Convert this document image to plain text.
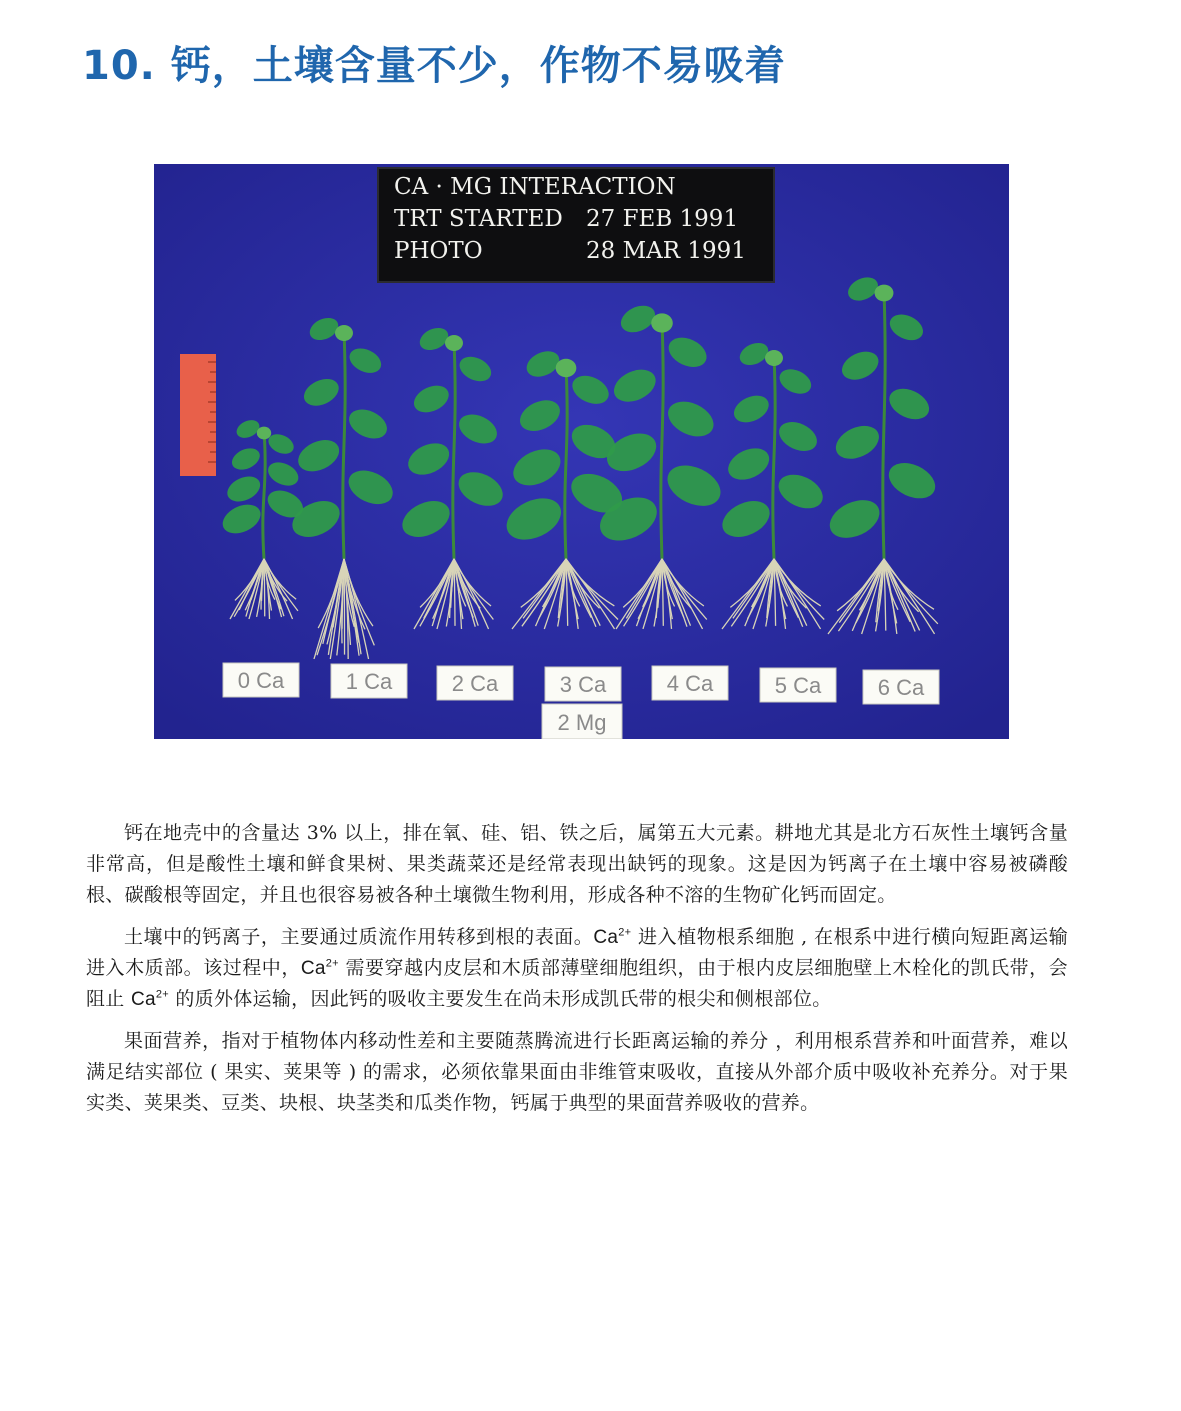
10. 钙，土壤含量不少，作物不易吸着
CA · MG INTERACTION
TRT STARTED 27 FEB 1991
PHOTO	28 MAR 1991
0 Ca	1 Ca	2 Ca	3 Ca	4 Ca	5 Ca	6 Ca
2 Mg

钙在地壳中的含量达 3% 以上，排在氧、硅、铝、铁之后，属第五大元素。耕地尤其是北方石灰性土壤钙含量非常高，但是酸性土壤和鲜食果树、果类蔬菜还是经常表现出缺钙的现象。这是因为钙离子在土壤中容易被磷酸根、碳酸根等固定，并且也很容易被各种土壤微生物利用，形成各种不溶的生物矿化钙而固定。

土壤中的钙离子，主要通过质流作用转移到根的表面。$Ca^{2+}$ 进入植物根系细胞 , 在根系中进行横向短距离运输进入木质部。该过程中，$Ca^{2+}$ 需要穿越内皮层和木质部薄壁细胞组织，由于根内皮层细胞壁上木栓化的凯氏带，会阻止 $Ca^{2+}$ 的质外体运输，因此钙的吸收主要发生在尚未形成凯氏带的根尖和侧根部位。

果面营养，指对于植物体内移动性差和主要随蒸腾流进行长距离运输的养分 ，利用根系营养和叶面营养，难以满足结实部位 ( 果实、荚果等 ) 的需求，必须依靠果面由非维管束吸收，直接从外部介质中吸收补充养分。对于果实类、荚果类、豆类、块根、块茎类和瓜类作物，钙属于典型的果面营养吸收的营养。
